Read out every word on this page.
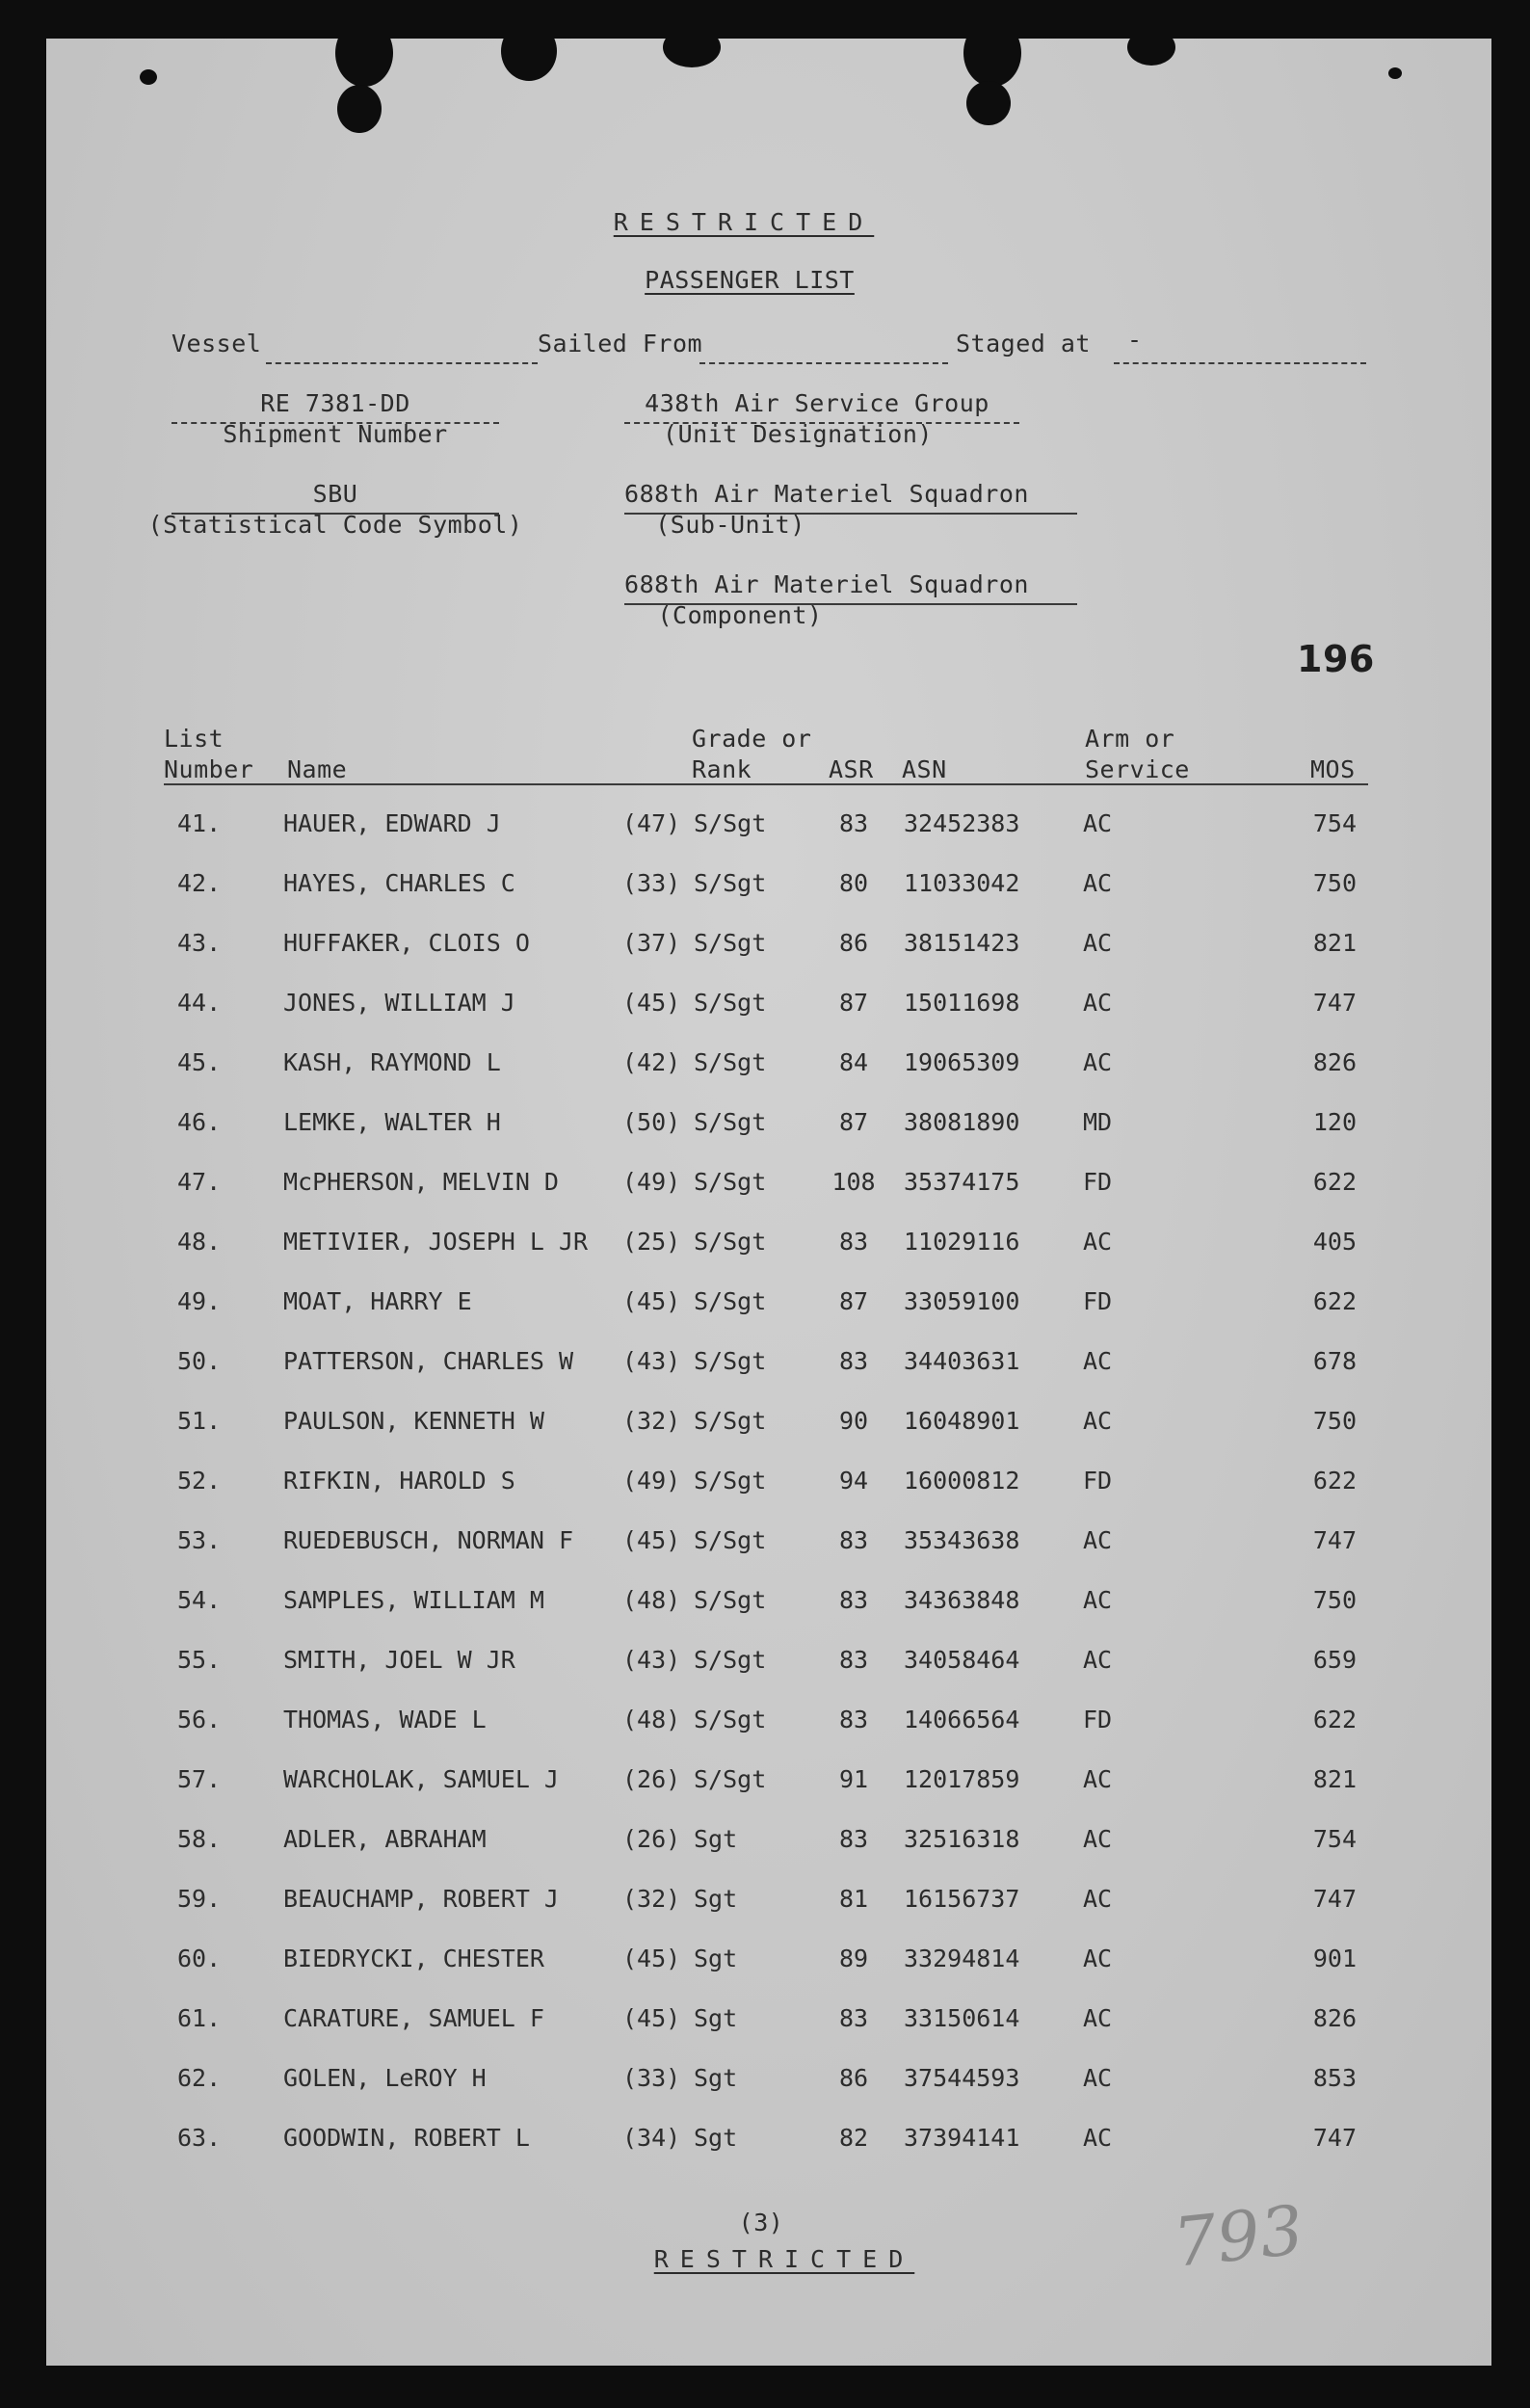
RESTRICTED
PASSENGER LIST
Vessel	Sailed From	Staged at -
RE 7381-DD
Shipment Number
438th Air Service Group
(Unit Designation)
SBU
(Statistical Code Symbol)
688th Air Materiel Squadron
(Sub-Unit)
688th Air Materiel Squadron
(Component)
196
List
Number Name
Grade or
Rank	ASR ASN
Arm or
Service	MOS
41.	HAUER, EDWARD J	(47) S/Sgt	83	32452383	AC	754
42.	HAYES, CHARLES C	(33) S/Sgt	80	11033042	AC	750
43.	HUFFAKER, CLOIS O	(37) S/Sgt	86	38151423	AC	821
44.	JONES, WILLIAM J	(45) S/Sgt	87	15011698	AC	747
45.	KASH, RAYMOND L	(42) S/Sgt	84	19065309	AC	826
46.	LEMKE, WALTER H	(50) S/Sgt	87	38081890	MD	120
47.	McPHERSON, MELVIN D	(49) S/Sgt	108 35374175	FD	622
48.	METIVIER, JOSEPH L JR (25) S/Sgt	83	11029116	AC	405
49.	MOAT, HARRY E	(45) S/Sgt	87	33059100	FD	622
50.	PATTERSON, CHARLES W (43) S/Sgt	83	34403631	AC	678
51.	PAULSON, KENNETH W	(32) S/Sgt	90	16048901	AC	750
52.	RIFKIN, HAROLD S	(49) S/Sgt	94	16000812	FD	622
53.	RUEDEBUSCH, NORMAN F (45) S/Sgt	83	35343638	AC	747
54.	SAMPLES, WILLIAM M	(48) S/Sgt	83	34363848	AC	750
55.	SMITH, JOEL W JR	(43) S/Sgt	83	34058464	AC	659
56.	THOMAS, WADE L	(48) S/Sgt	83	14066564	FD	622
57.	WARCHOLAK, SAMUEL J	(26) S/Sgt	91	12017859	AC	821
58.	ADLER, ABRAHAM	(26) Sgt	83	32516318	AC	754
59.	BEAUCHAMP, ROBERT J	(32) Sgt	81	16156737	AC	747
60.	BIEDRYCKI, CHESTER	(45) Sgt	89	33294814	AC	901
61.	CARATURE, SAMUEL F	(45) Sgt	83	33150614	AC	826
62.	GOLEN, LeROY H	(33) Sgt	86	37544593	AC	853
63.	GOODWIN, ROBERT L	(34) Sgt	82	37394141	AC	747
(3)
RESTRICTED	793
